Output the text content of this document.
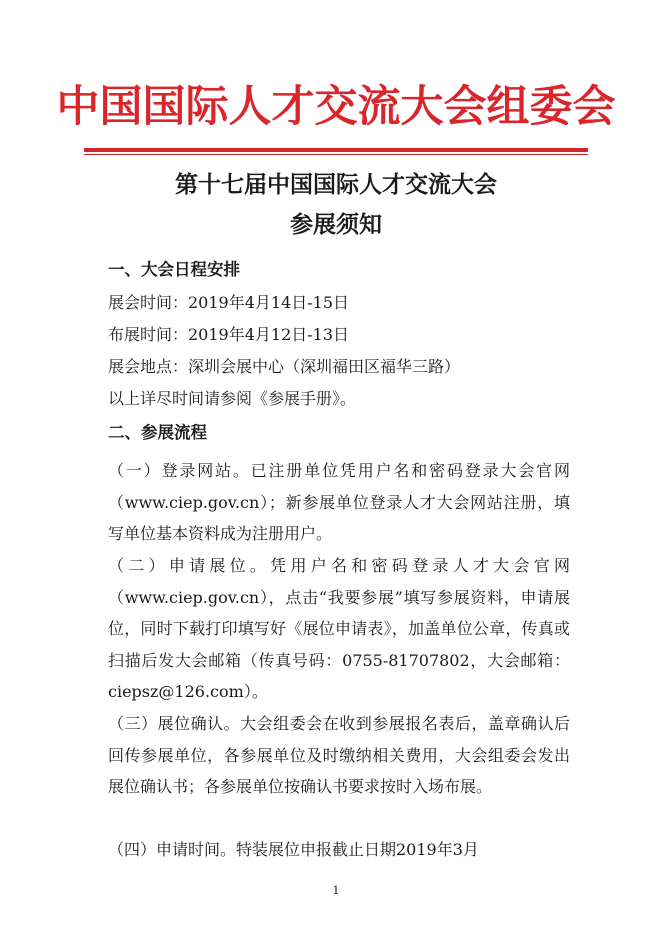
中国国际人才交流大会组委会
第十七届中国国际人才交流大会
参展须知
一、大会日程安排
展会时间：2019年4月14日-15日
布展时间：2019年4月12日-13日
展会地点：深圳会展中心（深圳福田区福华三路）
以上详尽时间请参阅《参展手册》。
二、参展流程
（一）登录网站。已注册单位凭用户名和密码登录大会官网（www.ciep.gov.cn）；新参展单位登录人才大会网站注册，填写单位基本资料成为注册用户。
（二）申请展位。凭用户名和密码登录人才大会官网（www.ciep.gov.cn），点击“我要参展”填写参展资料，申请展位，同时下载打印填写好《展位申请表》，加盖单位公章，传真或扫描后发大会邮箱（传真号码：0755-81707802，大会邮箱：ciepsz@126.com）。
（三）展位确认。大会组委会在收到参展报名表后，盖章确认后回传参展单位，各参展单位及时缴纳相关费用，大会组委会发出展位确认书；各参展单位按确认书要求按时入场布展。
（四）申请时间。特装展位申报截止日期2019年3月
1
